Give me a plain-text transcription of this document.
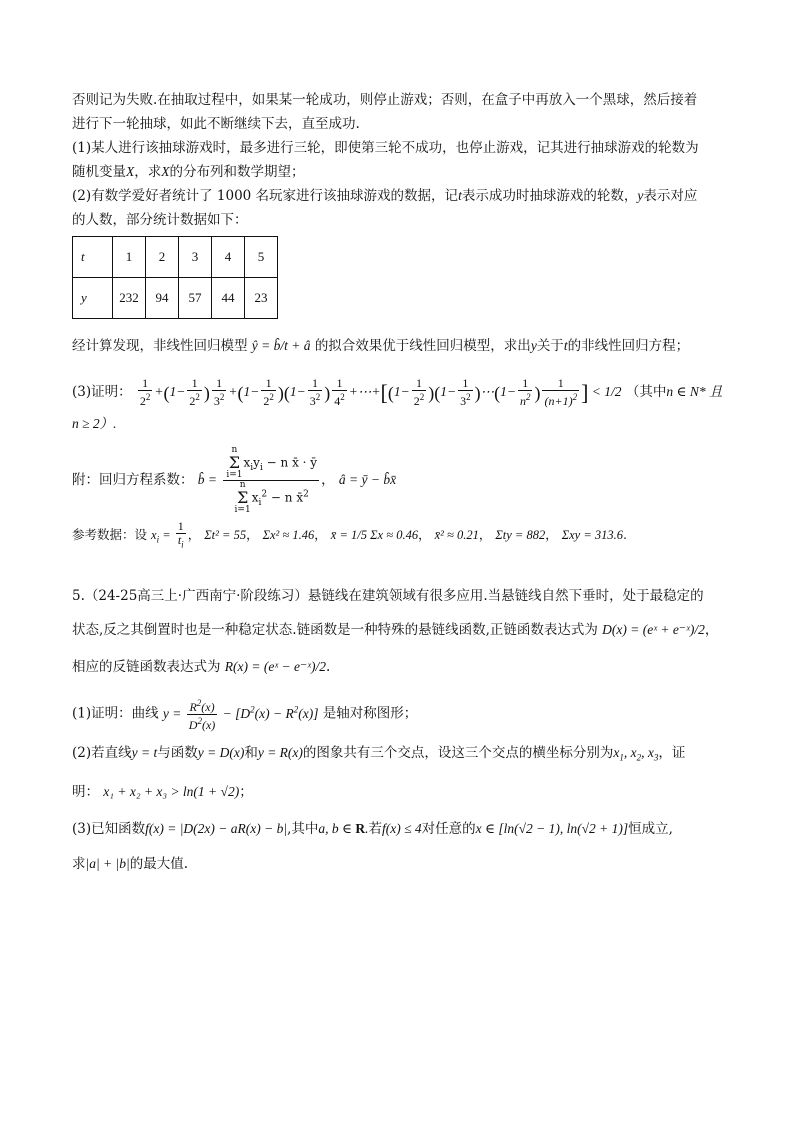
否则记为失败.在抽取过程中，如果某一轮成功，则停止游戏；否则，在盒子中再放入一个黑球，然后接着

进行下一轮抽球，如此不断继续下去，直至成功.

(1)某人进行该抽球游戏时，最多进行三轮，即使第三轮不成功，也停止游戏，记其进行抽球游戏的轮数为

随机变量X，求X的分布列和数学期望；

(2)有数学爱好者统计了 1000 名玩家进行该抽球游戏的数据，记t表示成功时抽球游戏的轮数，y表示对应

的人数，部分统计数据如下：

t	1	2	3	4	5
y	232	94	57	44	23

经计算发现，非线性回归模型 ŷ = b̂/t + â 的拟合效果优于线性回归模型，求出y关于t的非线性回归方程；

(3)证明： $\frac{1}{2^2} +(1- \frac{1}{2^2}$ ) $\frac{1}{3^2} +(1- \frac{1}{2^2} )(1- \frac{1}{3^2}$ ) $\frac{1}{4^2}$ +⋯+[(1− $\frac{1}{2^2} )(1- \frac{1}{3^2}$ )⋯(1− $\frac{1}{n^2}$ ) $\frac{1}{(n+1)^2}$ ] < 1/2 （其中n ∈ N* 且

n ≥ 2）.

附：回归方程系数： b̂ = n
Σ
$i=1x_iy_i - n$ x̄ · ȳ
n
Σ
$i=1x_i^2 - n$ x̄$^2$ ， â = ȳ − b̂x̄

参考数据：设 $x_i = \frac{1}{t_i}$ ， Σt² = 55， Σx² ≈ 1.46， x̄ = 1/5 Σx ≈ 0.46， x̄² ≈ 0.21， Σty = 882， Σxy = 313.6.

5.（24-25高三上·广西南宁·阶段练习）悬链线在建筑领域有很多应用.当悬链线自然下垂时，处于最稳定的

状态,反之其倒置时也是一种稳定状态.链函数是一种特殊的悬链线函数,正链函数表达式为 D(x) = (eˣ + e⁻ˣ)/2，

相应的反链函数表达式为 R(x) = (eˣ − e⁻ˣ)/2.

(1)证明：曲线 $y = \frac{R^2(x)}{D^2(x)} - [D^2(x) - R^2(x)]$ 是轴对称图形；

(2)若直线y = t与函数y = D(x)和y = R(x)的图象共有三个交点，设这三个交点的横坐标分别为$x_1$, $x_2$, $x_3$，证

明： x₁ + x₂ + x₃ > ln(1 + √2)；

(3)已知函数f(x) = |D(2x) − aR(x) − b|,其中a, b ∈ R.若f(x) ≤ 4对任意的x ∈ [ln(√2 − 1), ln(√2 + 1)]恒成立,

求|a| + |b|的最大值.
